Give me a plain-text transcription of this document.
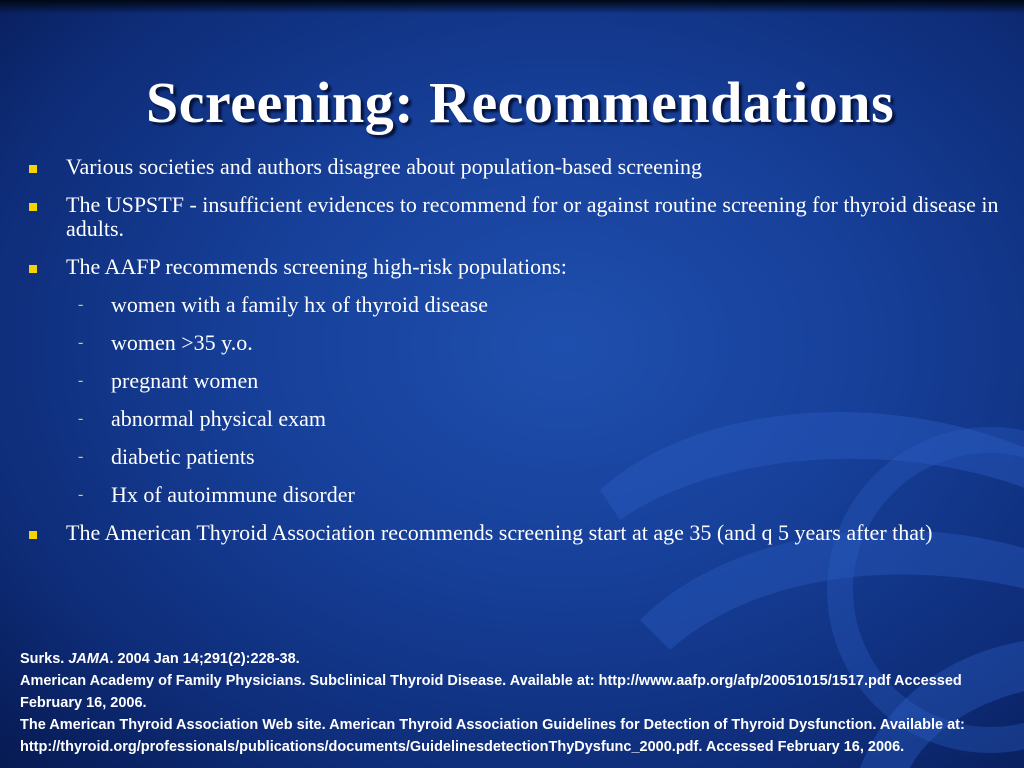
Screening: Recommendations
Various societies and authors disagree about population-based screening
The USPSTF - insufficient evidences to recommend for or against routine screening for thyroid disease in adults.
The AAFP recommends screening high-risk populations:
- women with a family hx of thyroid disease
- women >35 y.o.
- pregnant women
- abnormal physical exam
- diabetic patients
- Hx of autoimmune disorder
The American Thyroid Association recommends screening start at age 35 (and q 5 years after that)
Surks. JAMA. 2004 Jan 14;291(2):228-38.
American Academy of Family Physicians. Subclinical Thyroid Disease. Available at: http://www.aafp.org/afp/20051015/1517.pdf Accessed February 16, 2006.
The American Thyroid Association Web site. American Thyroid Association Guidelines for Detection of Thyroid Dysfunction. Available at: http://thyroid.org/professionals/publications/documents/GuidelinesdetectionThyDysfunc_2000.pdf. Accessed February 16, 2006.
